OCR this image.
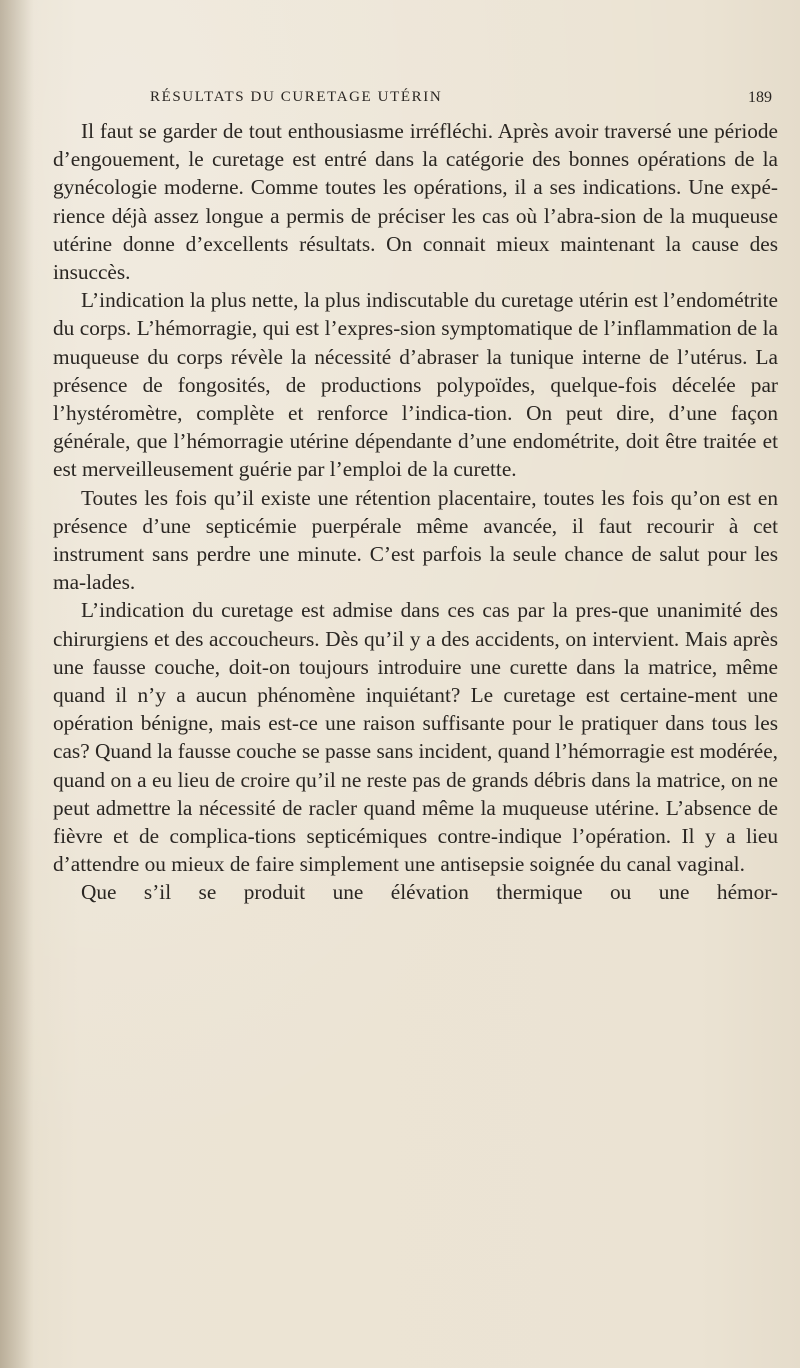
RÉSULTATS DU CURETAGE UTÉRIN	189

Il faut se garder de tout enthousiasme irréfléchi. Après avoir traversé une période d’engouement, le curetage est entré dans la catégorie des bonnes opérations de la gynécologie moderne. Comme toutes les opérations, il a ses indications. Une expé-rience déjà assez longue a permis de préciser les cas où l’abra-sion de la muqueuse utérine donne d’excellents résultats. On connait mieux maintenant la cause des insuccès.

L’indication la plus nette, la plus indiscutable du curetage utérin est l’endométrite du corps. L’hémorragie, qui est l’expres-sion symptomatique de l’inflammation de la muqueuse du corps révèle la nécessité d’abraser la tunique interne de l’utérus. La présence de fongosités, de productions polypoïdes, quelque-fois décelée par l’hystéromètre, complète et renforce l’indica-tion. On peut dire, d’une façon générale, que l’hémorragie utérine dépendante d’une endométrite, doit être traitée et est merveilleusement guérie par l’emploi de la curette.

Toutes les fois qu’il existe une rétention placentaire, toutes les fois qu’on est en présence d’une septicémie puerpérale même avancée, il faut recourir à cet instrument sans perdre une minute. C’est parfois la seule chance de salut pour les ma-lades.

L’indication du curetage est admise dans ces cas par la pres-que unanimité des chirurgiens et des accoucheurs. Dès qu’il y a des accidents, on intervient. Mais après une fausse couche, doit-on toujours introduire une curette dans la matrice, même quand il n’y a aucun phénomène inquiétant? Le curetage est certaine-ment une opération bénigne, mais est-ce une raison suffisante pour le pratiquer dans tous les cas? Quand la fausse couche se passe sans incident, quand l’hémorragie est modérée, quand on a eu lieu de croire qu’il ne reste pas de grands débris dans la matrice, on ne peut admettre la nécessité de racler quand même la muqueuse utérine. L’absence de fièvre et de complica-tions septicémiques contre-indique l’opération. Il y a lieu d’attendre ou mieux de faire simplement une antisepsie soignée du canal vaginal.

Que s’il se produit une élévation thermique ou une hémor-
